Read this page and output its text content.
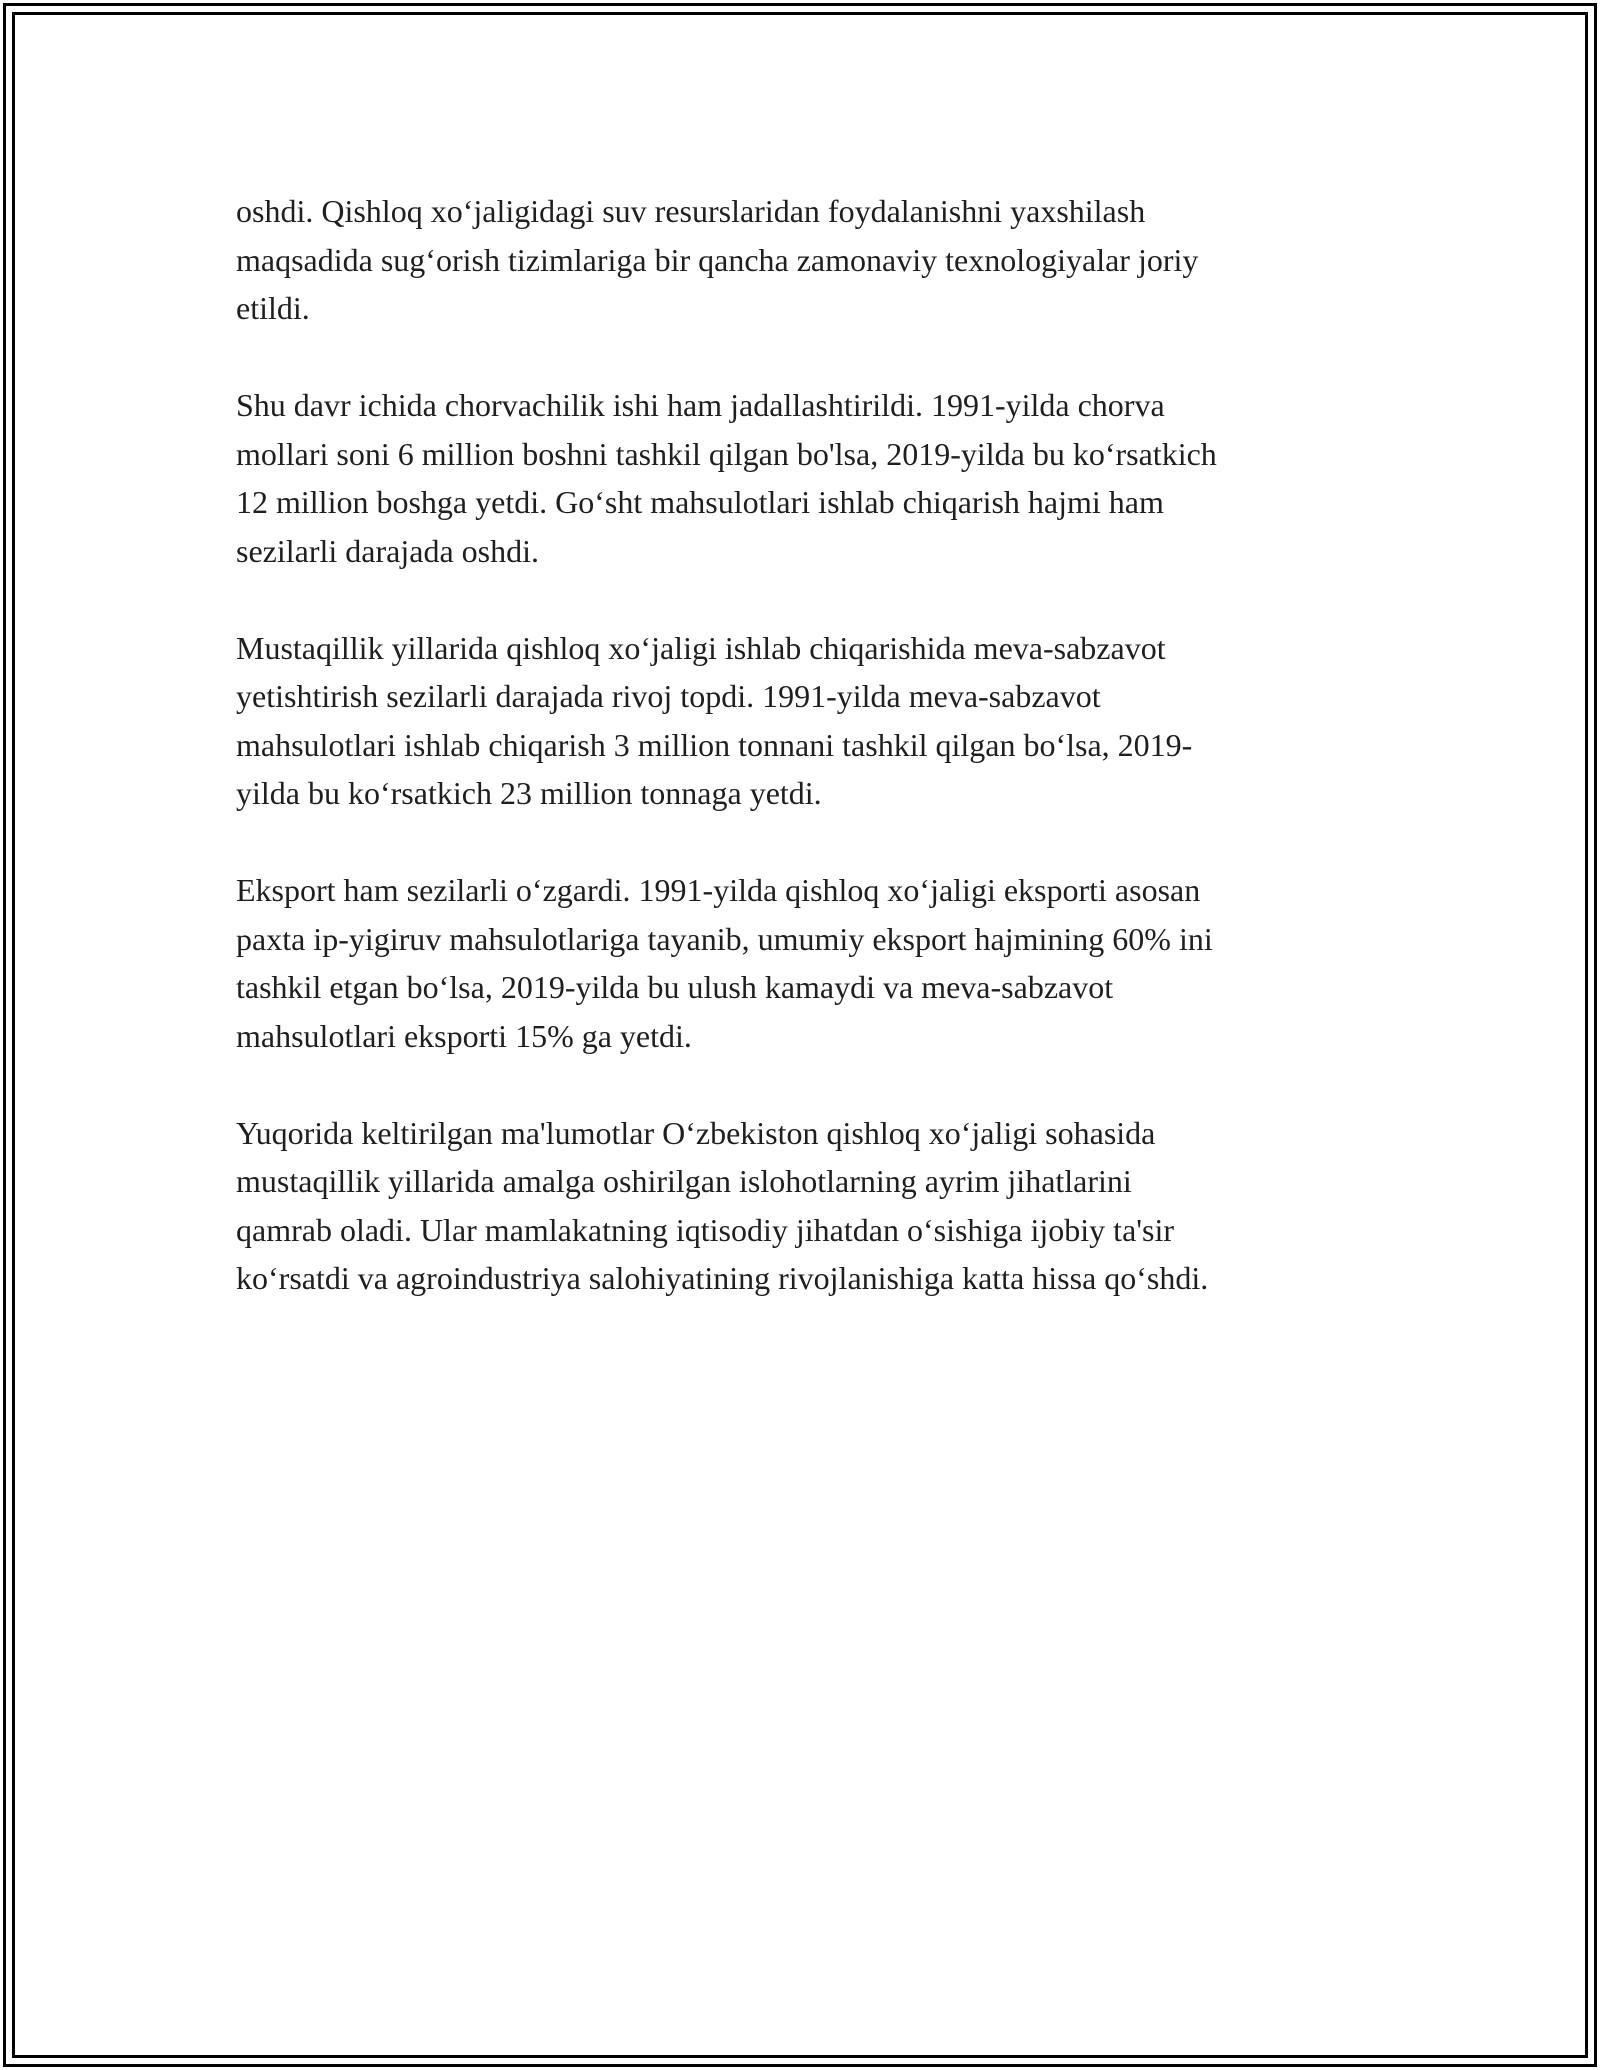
oshdi. Qishloq xo‘jaligidagi suv resurslaridan foydalanishni yaxshilash
maqsadida sug‘orish tizimlariga bir qancha zamonaviy texnologiyalar joriy
etildi.

Shu davr ichida chorvachilik ishi ham jadallashtirildi. 1991-yilda chorva
mollari soni 6 million boshni tashkil qilgan bo'lsa, 2019-yilda bu ko‘rsatkich
12 million boshga yetdi. Go‘sht mahsulotlari ishlab chiqarish hajmi ham
sezilarli darajada oshdi.

Mustaqillik yillarida qishloq xo‘jaligi ishlab chiqarishida meva-sabzavot
yetishtirish sezilarli darajada rivoj topdi. 1991-yilda meva-sabzavot
mahsulotlari ishlab chiqarish 3 million tonnani tashkil qilgan bo‘lsa, 2019-
yilda bu ko‘rsatkich 23 million tonnaga yetdi.

Eksport ham sezilarli o‘zgardi. 1991-yilda qishloq xo‘jaligi eksporti asosan
paxta ip-yigiruv mahsulotlariga tayanib, umumiy eksport hajmining 60% ini
tashkil etgan bo‘lsa, 2019-yilda bu ulush kamaydi va meva-sabzavot
mahsulotlari eksporti 15% ga yetdi.

Yuqorida keltirilgan ma'lumotlar O‘zbekiston qishloq xo‘jaligi sohasida
mustaqillik yillarida amalga oshirilgan islohotlarning ayrim jihatlarini
qamrab oladi. Ular mamlakatning iqtisodiy jihatdan o‘sishiga ijobiy ta'sir
ko‘rsatdi va agroindustriya salohiyatining rivojlanishiga katta hissa qo‘shdi.
